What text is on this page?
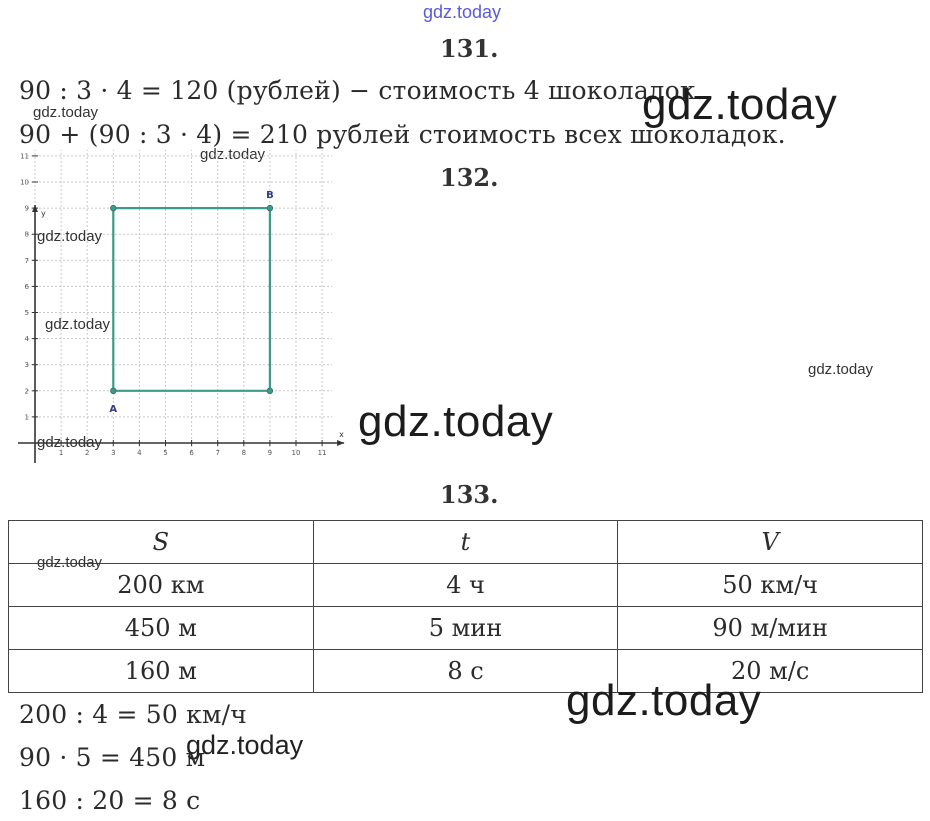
gdz.today
131.
90 : 3 · 4 = 120 (рублей) − стоимость 4 шоколадок.
90 + (90 : 3 · 4) = 210 рублей стоимость всех шоколадок.
gdz.today
gdz.today
gdz.today
132.
x
y
1	2	3	4	5	6	7	8	9	10 11
1
2
3
4
5
6
7
8
9
10
11
A
B
gdz.today
gdz.today
gdz.today
gdz.today
gdz.today
133.
S	t	V
200 км	4 ч	50 км/ч
450 м	5 мин	90 м/мин
160 м	8 с	20 м/с
gdz.today
gdz.today
200 : 4 = 50 км/ч
90 · 5 = 450 м
160 : 20 = 8 с
gdz.today
